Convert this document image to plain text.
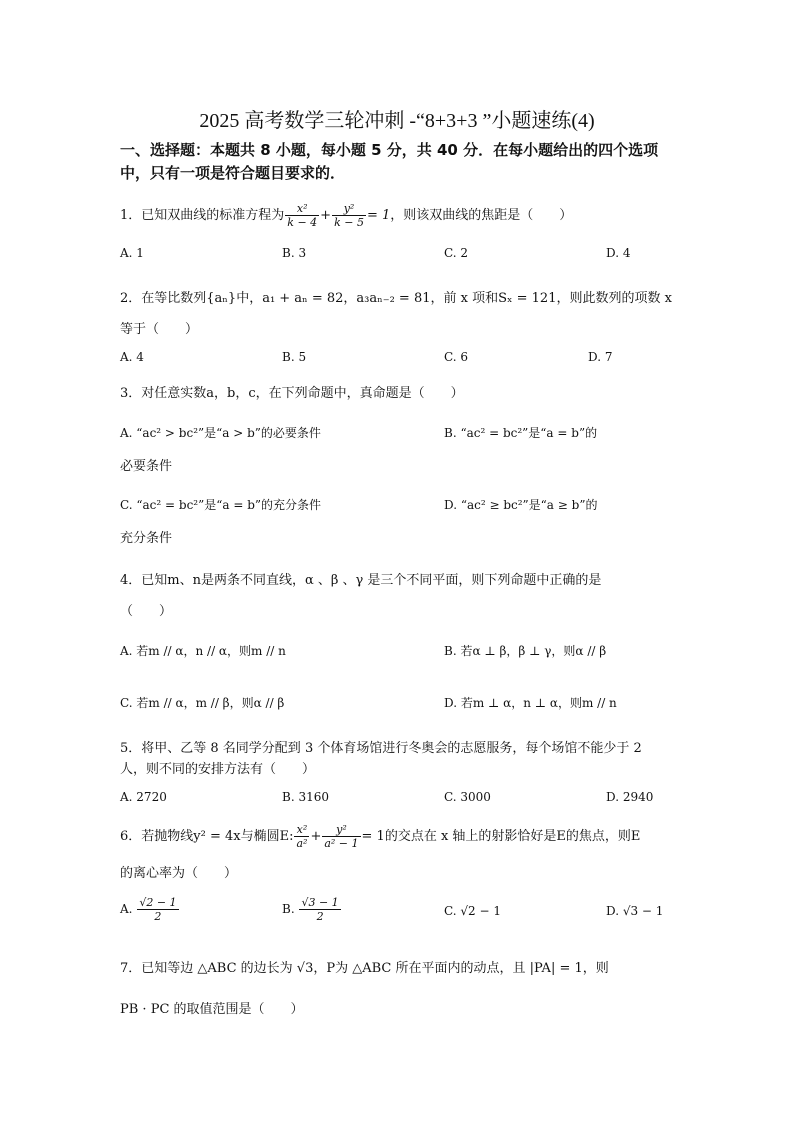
2025 高考数学三轮冲刺 -“8+3+3 ”小题速练(4)
一、选择题：本题共 8 小题，每小题 5 分，共 40 分．在每小题给出的四个选项中，只有一项是符合题目要求的．
1．已知双曲线的标准方程为 $\frac{\text{x²}}{k - 4} + \frac{\text{y²}}{k - 5} = 1$，则该双曲线的焦距是（　　）
A. 1	B. 3	C. 2	D. 4
2．在等比数列{aₙ}中，a₁ + aₙ = 82，a₃aₙ₋₂ = 81，前 x 项和Sₓ = 121，则此数列的项数 x
等于（　　）
A. 4	B. 5	C. 6	D. 7
3．对任意实数a，b，c，在下列命题中，真命题是（　　）
A. “ac² > bc²”是“a > b”的必要条件	B. “ac² = bc²”是“a = b”的
必要条件
C. “ac² = bc²”是“a = b”的充分条件	D. “ac² ≥ bc²”是“a ≥ b”的
充分条件
4．已知m、n是两条不同直线，α 、β 、γ 是三个不同平面，则下列命题中正确的是
（　　）
A. 若m // α，n // α，则m // n	B. 若α ⊥ β，β ⊥ γ，则α // β
C. 若m // α，m // β，则α // β	D. 若m ⊥ α，n ⊥ α，则m // n
5．将甲、乙等 8 名同学分配到 3 个体育场馆进行冬奥会的志愿服务，每个场馆不能少于 2
人，则不同的安排方法有（　　）
A. 2720	B. 3160	C. 3000	D. 2940
6．若抛物线y² = 4x与椭圆E: $\frac{\text{x²}}{\text{a²}} + \frac{\text{y²}}{\text{a² − 1}} = 1$的交点在 x 轴上的射影恰好是E的焦点，则E
的离心率为（　　）
A. $\frac{√2 - 1}{2}$	B. $\frac{√3 - 1}{2}$	C. √2 − 1	D. √3 − 1
7．已知等边 △ABC 的边长为 √3，P为 △ABC 所在平面内的动点，且 |PA| = 1，则
PB · PC 的取值范围是（　　）
